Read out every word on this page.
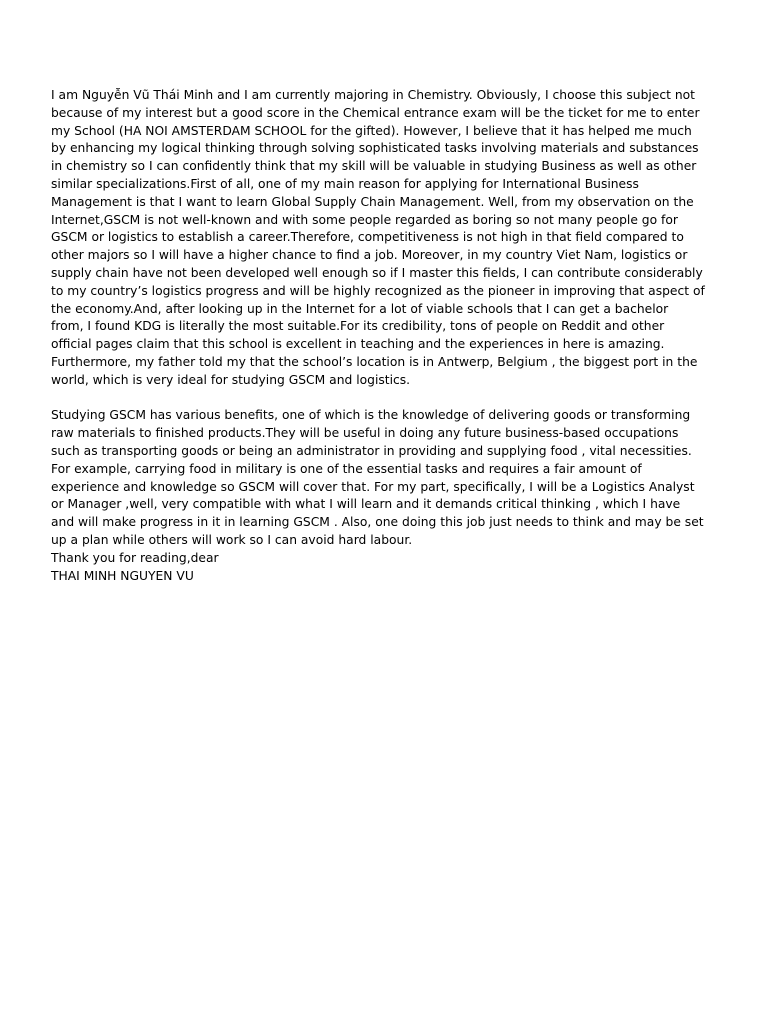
I am Nguyễn Vũ Thái Minh and I am currently majoring in Chemistry. Obviously, I choose this subject not
because of my interest but a good score in the Chemical entrance exam will be the ticket for me to enter
my School (HA NOI AMSTERDAM SCHOOL for the gifted). However, I believe that it has helped me much
by enhancing my logical thinking through solving sophisticated tasks involving materials and substances
in chemistry so I can confidently think that my skill will be valuable in studying Business as well as other
similar specializations.First of all, one of my main reason for applying for International Business
Management is that I want to learn Global Supply Chain Management. Well, from my observation on the
Internet,GSCM is not well-known and with some people regarded as boring so not many people go for
GSCM or logistics to establish a career.Therefore, competitiveness is not high in that field compared to
other majors so I will have a higher chance to find a job. Moreover, in my country Viet Nam, logistics or
supply chain have not been developed well enough so if I master this fields, I can contribute considerably
to my country’s logistics progress and will be highly recognized as the pioneer in improving that aspect of
the economy.And, after looking up in the Internet for a lot of viable schools that I can get a bachelor
from, I found KDG is literally the most suitable.For its credibility, tons of people on Reddit and other
official pages claim that this school is excellent in teaching and the experiences in here is amazing.
Furthermore, my father told my that the school’s location is in Antwerp, Belgium , the biggest port in the
world, which is very ideal for studying GSCM and logistics.
Studying GSCM has various benefits, one of which is the knowledge of delivering goods or transforming
raw materials to finished products.They will be useful in doing any future business-based occupations
such as transporting goods or being an administrator in providing and supplying food , vital necessities.
For example, carrying food in military is one of the essential tasks and requires a fair amount of
experience and knowledge so GSCM will cover that. For my part, specifically, I will be a Logistics Analyst
or Manager ,well, very compatible with what I will learn and it demands critical thinking , which I have
and will make progress in it in learning GSCM . Also, one doing this job just needs to think and may be set
up a plan while others will work so I can avoid hard labour.
Thank you for reading,dear
THAI MINH NGUYEN VU
